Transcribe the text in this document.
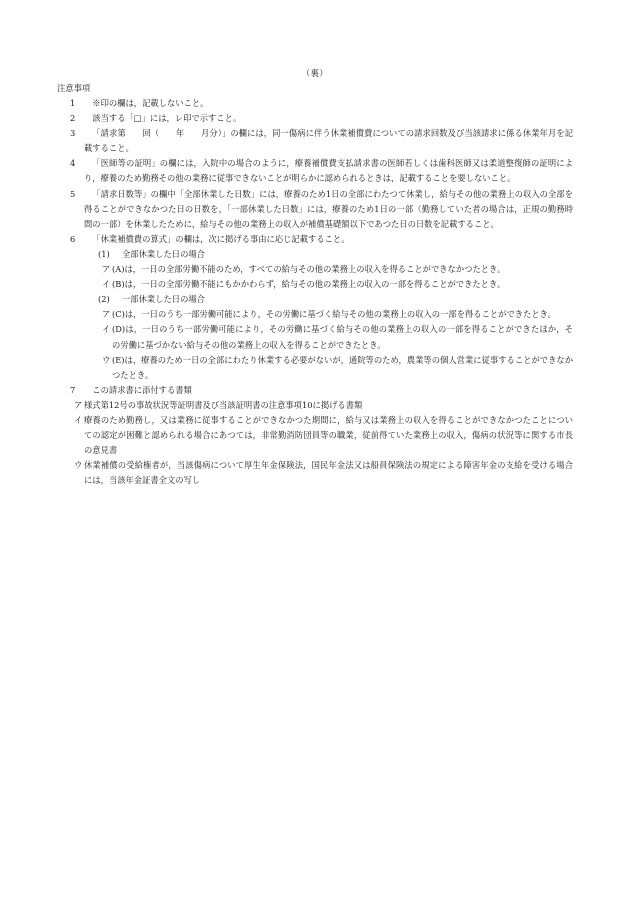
（裏）
注意事項
1	※印の欄は，記載しないこと。
2	該当する「□」には，レ印で示すこと。
3	「請求第　　回（　　年　　月分）」の欄には，同一傷病に伴う休業補償費についての請求回数及び当該請求に係る休業年月を記載すること。
4	「医師等の証明」の欄には，入院中の場合のように，療養補償費支払請求書の医師若しくは歯科医師又は柔道整復師の証明により，療養のため勤務その他の業務に従事できないことが明らかに認められるときは，記載することを要しないこと。
5	「請求日数等」の欄中「全部休業した日数」には，療養のため1日の全部にわたつて休業し，給与その他の業務上の収入の全部を得ることができなかつた日の日数を，「一部休業した日数」には，療養のため1日の一部（勤務していた者の場合は，正規の勤務時間の一部）を休業したために，給与その他の業務上の収入が補償基礎額以下であつた日の日数を記載すること。
6	「休業補償費の算式」の欄は，次に掲げる事由に応じ記載すること。
(1) 全部休業した日の場合
ア (A)は，一日の全部労働不能のため，すべての給与その他の業務上の収入を得ることができなかつたとき。
イ (B)は，一日の全部労働不能にもかかわらず，給与その他の業務上の収入の一部を得ることができたとき。
(2) 一部休業した日の場合
ア (C)は，一日のうち一部労働可能により，その労働に基づく給与その他の業務上の収入の一部を得ることができたとき。
イ (D)は，一日のうち一部労働可能により，その労働に基づく給与その他の業務上の収入の一部を得ることができたほか，その労働に基づかない給与その他の業務上の収入を得ることができたとき。
ウ (E)は，療養のため一日の全部にわたり休業する必要がないが，通院等のため，農業等の個人営業に従事することができなかつたとき。
7	この請求書に添付する書類
ア 様式第12号の事故状況等証明書及び当該証明書の注意事項10に掲げる書類
イ 療養のため勤務し，又は業務に従事することができなかつた期間に，給与又は業務上の収入を得ることができなかつたことについての認定が困難と認められる場合にあつては，非常勤消防団員等の職業，従前得ていた業務上の収入，傷病の状況等に関する市長の意見書
ウ 休業補償の受給権者が，当該傷病について厚生年金保険法，国民年金法又は船員保険法の規定による障害年金の支給を受ける場合には，当該年金証書全文の写し
